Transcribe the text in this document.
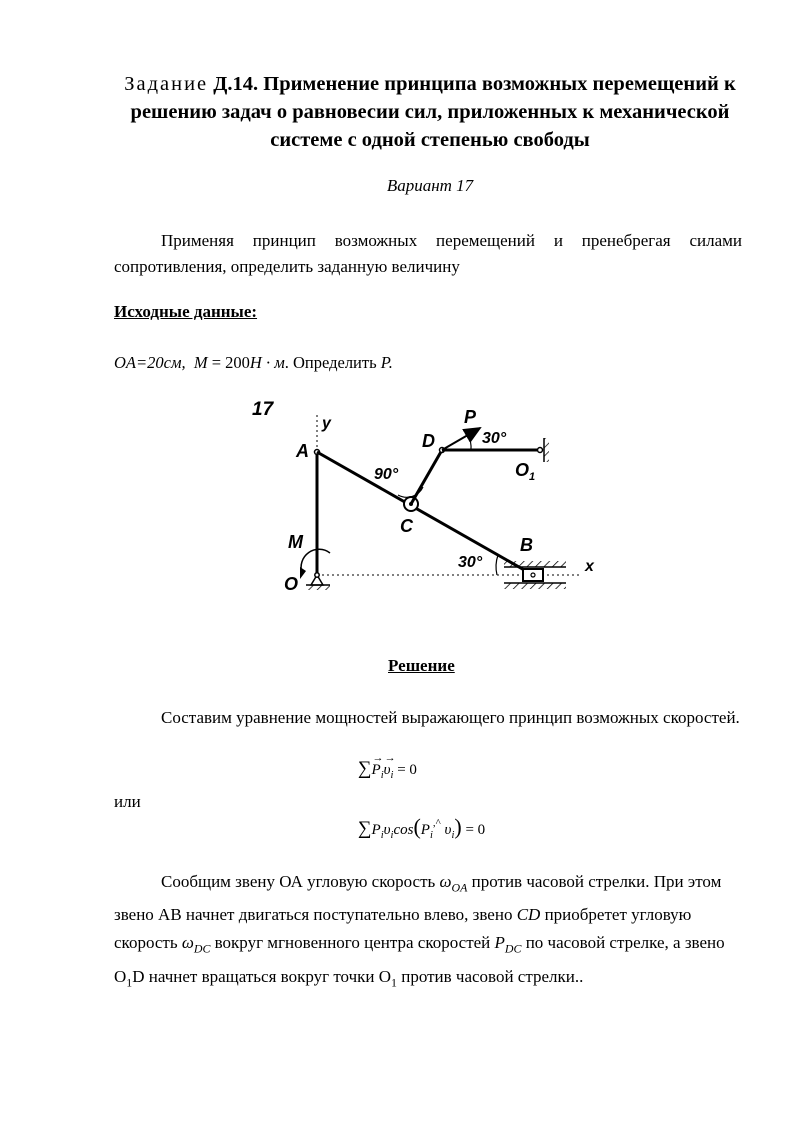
Задание Д.14. Применение принципа возможных перемещений к решению задач о равновесии сил, приложенных к механической системе с одной степенью свободы
Вариант 17
Применяя принцип возможных перемещений и пренебрегая силами сопротивления, определить заданную величину
Исходные данные:
OA=20см, M = 200H · м. Определить P.
17
y
x
O
M
A
C
D
90°	$O_1$
P
30°
B
30°
Решение
Составим уравнение мощностей выражающего принцип возможных скоростей.
∑ →
$P_i$
→
$\upsilon_i = 0$
или
$\sum P_i\upsilon_i\cos(P_i^{,\^{}}$ $\upsilon_i) = 0$
Сообщим звену ОА угловую скорость $\omega_{OA}$ против часовой стрелки. При этом звено АВ начнет двигаться поступательно влево, звено CD приобретет угловую скорость $\omega_{DC}$ вокруг мгновенного центра скоростей $P_{DC}$ по часовой стрелке, а звено $O_1D$ начнет вращаться вокруг точки $O_1$ против часовой стрелки..
